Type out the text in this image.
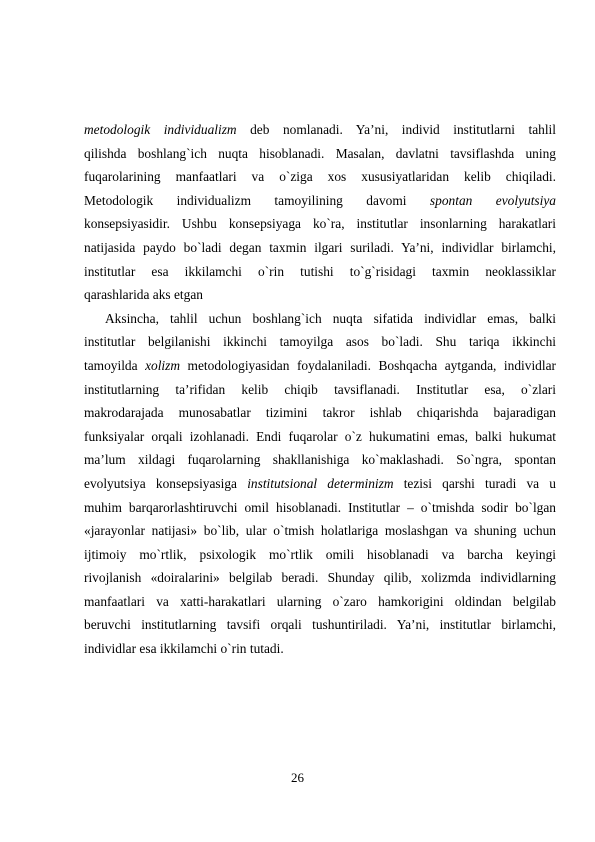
metodologik individualizm deb nomlanadi. Ya’ni, individ institutlarni tahlil
qilishda boshlang`ich nuqta hisoblanadi. Masalan, davlatni tavsiflashda uning
fuqarolarining manfaatlari va o`ziga xos xususiyatlaridan kelib chiqiladi.
Metodologik individualizm tamoyilining davomi spontan evolyutsiya
konsepsiyasidir. Ushbu konsepsiyaga ko`ra, institutlar insonlarning harakatlari
natijasida paydo bo`ladi degan taxmin ilgari suriladi. Ya’ni, individlar birlamchi,
institutlar esa ikkilamchi o`rin tutishi to`g`risidagi taxmin neoklassiklar
qarashlarida aks etgan
Aksincha, tahlil uchun boshlang`ich nuqta sifatida individlar emas, balki
institutlar belgilanishi ikkinchi tamoyilga asos bo`ladi. Shu tariqa ikkinchi
tamoyilda xolizm metodologiyasidan foydalaniladi. Boshqacha aytganda, individlar
institutlarning ta’rifidan kelib chiqib tavsiflanadi. Institutlar esa, o`zlari
makrodarajada munosabatlar tizimini takror ishlab chiqarishda bajaradigan
funksiyalar orqali izohlanadi. Endi fuqarolar o`z hukumatini emas, balki hukumat
ma’lum xildagi fuqarolarning shakllanishiga ko`maklashadi. So`ngra, spontan
evolyutsiya konsepsiyasiga institutsional determinizm tezisi qarshi turadi va u
muhim barqarorlashtiruvchi omil hisoblanadi. Institutlar – o`tmishda sodir bo`lgan
«jarayonlar natijasi» bo`lib, ular o`tmish holatlariga moslashgan va shuning uchun
ijtimoiy mo`rtlik, psixologik mo`rtlik omili hisoblanadi va barcha keyingi
rivojlanish «doiralarini» belgilab beradi. Shunday qilib, xolizmda individlarning
manfaatlari va xatti-harakatlari ularning o`zaro hamkorigini oldindan belgilab
beruvchi institutlarning tavsifi orqali tushuntiriladi. Ya’ni, institutlar birlamchi,
individlar esa ikkilamchi o`rin tutadi.
26
